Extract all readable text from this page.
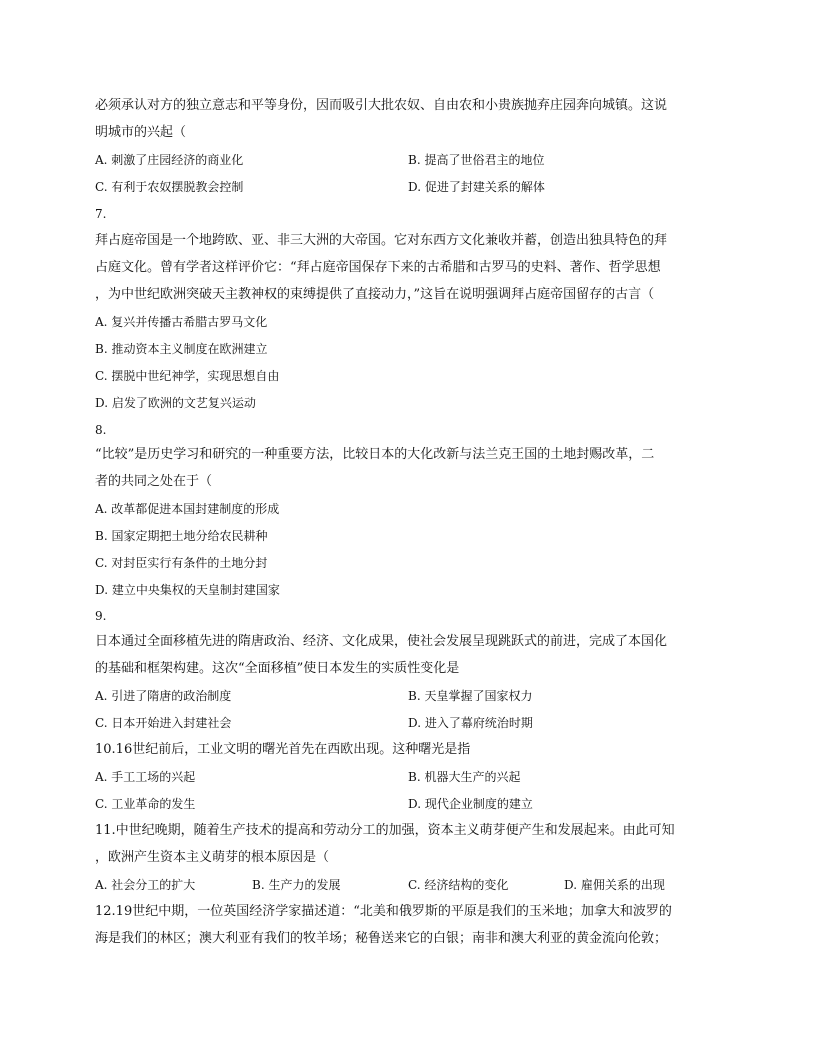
必须承认对方的独立意志和平等身份，因而吸引大批农奴、自由农和小贵族抛弃庄园奔向城镇。这说
明城市的兴起（
A. 刺激了庄园经济的商业化	B. 提高了世俗君主的地位
C. 有利于农奴摆脱教会控制	D. 促进了封建关系的解体
7.
拜占庭帝国是一个地跨欧、亚、非三大洲的大帝国。它对东西方文化兼收并蓄，创造出独具特色的拜
占庭文化。曾有学者这样评价它：“拜占庭帝国保存下来的古希腊和古罗马的史料、著作、哲学思想
，为中世纪欧洲突破天主教神权的束缚提供了直接动力，”这旨在说明强调拜占庭帝国留存的古言（
A. 复兴并传播古希腊古罗马文化
B. 推动资本主义制度在欧洲建立
C. 摆脱中世纪神学，实现思想自由
D. 启发了欧洲的文艺复兴运动
8.
“比较”是历史学习和研究的一种重要方法，比较日本的大化改新与法兰克王国的土地封赐改革，二
者的共同之处在于（
A. 改革都促进本国封建制度的形成
B. 国家定期把土地分给农民耕种
C. 对封臣实行有条件的土地分封
D. 建立中央集权的天皇制封建国家
9.
日本通过全面移植先进的隋唐政治、经济、文化成果，使社会发展呈现跳跃式的前进，完成了本国化
的基础和框架构建。这次“全面移植”使日本发生的实质性变化是
A. 引进了隋唐的政治制度	B. 天皇掌握了国家权力
C. 日本开始进入封建社会	D. 进入了幕府统治时期
10.16世纪前后，工业文明的曙光首先在西欧出现。这种曙光是指
A. 手工工场的兴起	B. 机器大生产的兴起
C. 工业革命的发生	D. 现代企业制度的建立
11.中世纪晚期，随着生产技术的提高和劳动分工的加强，资本主义萌芽便产生和发展起来。由此可知
，欧洲产生资本主义萌芽的根本原因是（
A. 社会分工的扩大	B. 生产力的发展	C. 经济结构的变化	D. 雇佣关系的出现
12.19世纪中期，一位英国经济学家描述道：“北美和俄罗斯的平原是我们的玉米地；加拿大和波罗的
海是我们的林区；澳大利亚有我们的牧羊场；秘鲁送来它的白银；南非和澳大利亚的黄金流向伦敦；
